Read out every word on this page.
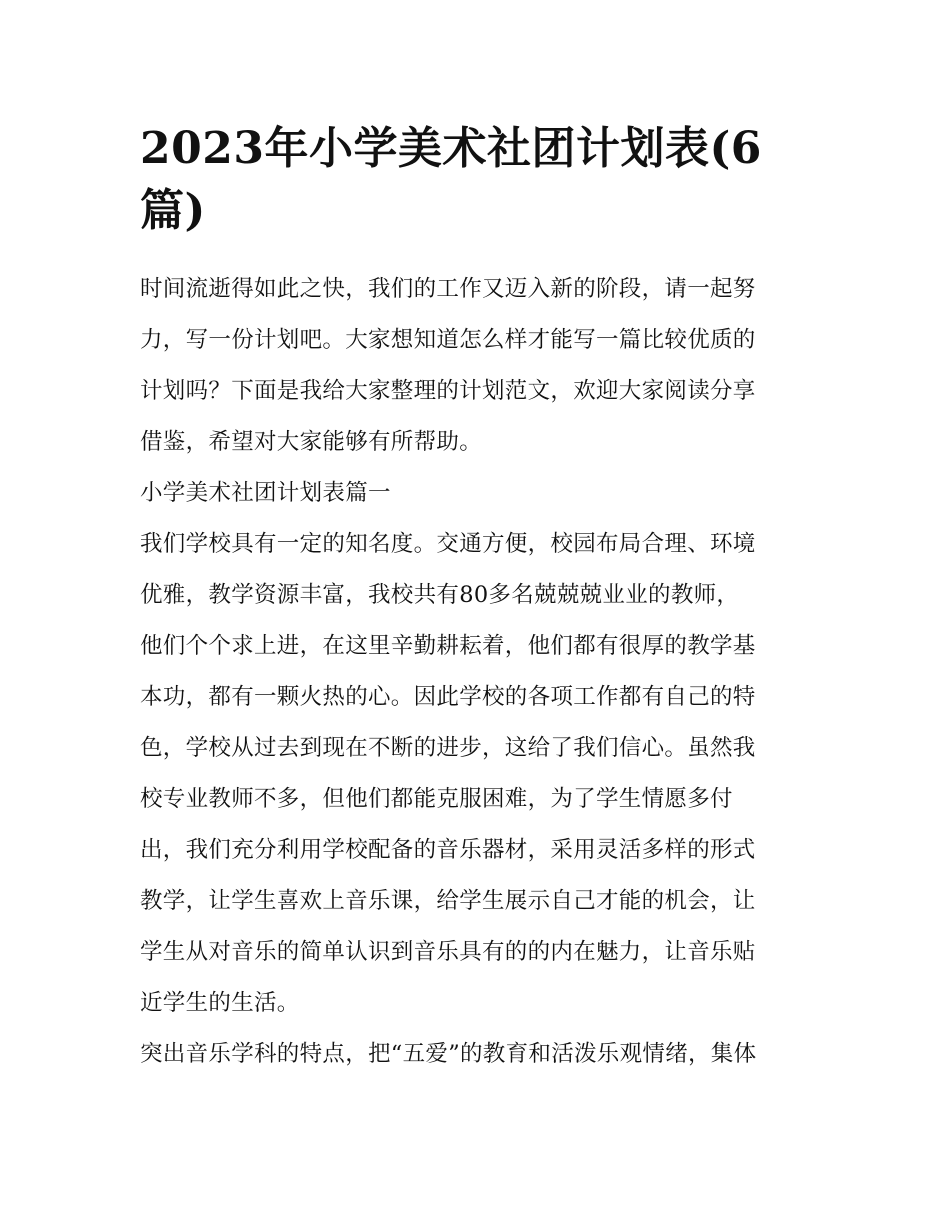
2023年小学美术社团计划表(6
篇)

时间流逝得如此之快，我们的工作又迈入新的阶段，请一起努
力，写一份计划吧。大家想知道怎么样才能写一篇比较优质的
计划吗？下面是我给大家整理的计划范文，欢迎大家阅读分享
借鉴，希望对大家能够有所帮助。

小学美术社团计划表篇一

我们学校具有一定的知名度。交通方便，校园布局合理、环境
优雅，教学资源丰富，我校共有80多名兢兢兢业业的教师，
他们个个求上进，在这里辛勤耕耘着，他们都有很厚的教学基
本功，都有一颗火热的心。因此学校的各项工作都有自己的特
色，学校从过去到现在不断的进步，这给了我们信心。虽然我
校专业教师不多，但他们都能克服困难，为了学生情愿多付
出，我们充分利用学校配备的音乐器材，采用灵活多样的形式
教学，让学生喜欢上音乐课，给学生展示自己才能的机会，让
学生从对音乐的简单认识到音乐具有的的内在魅力，让音乐贴
近学生的生活。

突出音乐学科的特点，把“五爱”的教育和活泼乐观情绪，集体
